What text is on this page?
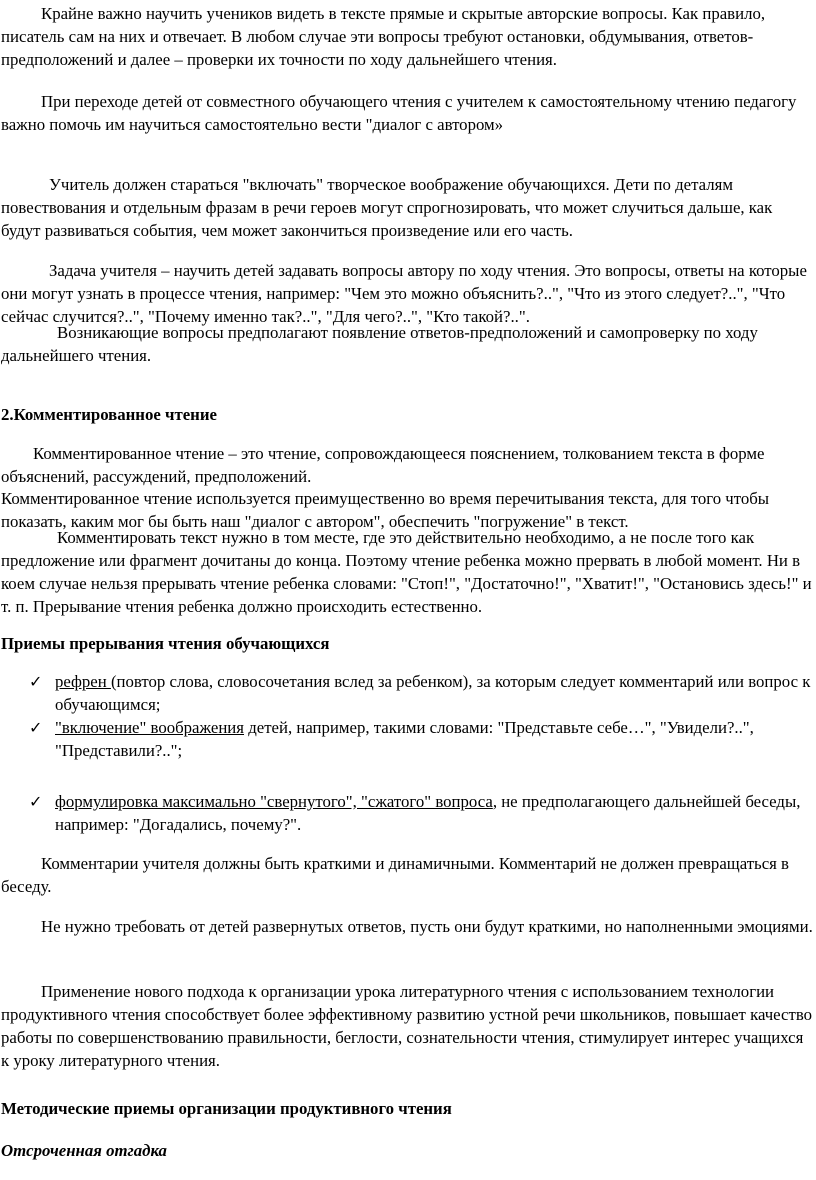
Крайне важно научить учеников видеть в тексте прямые и скрытые авторские вопросы. Как правило, писатель сам на них и отвечает. В любом случае эти вопросы требуют остановки, обдумывания, ответов-предположений и далее – проверки их точности по ходу дальнейшего чтения.

При переходе детей от совместного обучающего чтения с учителем к самостоятельному чтению педагогу важно помочь им научиться самостоятельно вести "диалог с автором»

Учитель должен стараться "включать" творческое воображение обучающихся. Дети по деталям повествования и отдельным фразам в речи героев могут спрогнозировать, что может случиться дальше, как будут развиваться события, чем может закончиться произведение или его часть.

Задача учителя – научить детей задавать вопросы автору по ходу чтения. Это вопросы, ответы на которые они могут узнать в процессе чтения, например: "Чем это можно объяснить?..", "Что из этого следует?..", "Что сейчас случится?..", "Почему именно так?..", "Для чего?..", "Кто такой?..".

Возникающие вопросы предполагают появление ответов-предположений и самопроверку по ходу дальнейшего чтения.

2.Комментированное чтение

Комментированное чтение – это чтение, сопровождающееся пояснением, толкованием текста в форме объяснений, рассуждений, предположений.

Комментированное чтение используется преимущественно во время перечитывания текста, для того чтобы показать, каким мог бы быть наш "диалог с автором", обеспечить "погружение" в текст.

Комментировать текст нужно в том месте, где это действительно необходимо, а не после того как предложение или фрагмент дочитаны до конца. Поэтому чтение ребенка можно прервать в любой момент. Ни в коем случае нельзя прерывать чтение ребенка словами: "Стоп!", "Достаточно!", "Хватит!", "Остановись здесь!" и т. п. Прерывание чтения ребенка должно происходить естественно.

Приемы прерывания чтения обучающихся

✓ рефрен (повтор слова, словосочетания вслед за ребенком), за которым следует комментарий или вопрос к обучающимся;
✓ "включение" воображения детей, например, такими словами: "Представьте себе…", "Увидели?..", "Представили?..";
✓ формулировка максимально "свернутого", "сжатого" вопроса, не предполагающего дальнейшей беседы, например: "Догадались, почему?".

Комментарии учителя должны быть краткими и динамичными. Комментарий не должен превращаться в беседу.

Не нужно требовать от детей развернутых ответов, пусть они будут краткими, но наполненными эмоциями.

Применение нового подхода к организации урока литературного чтения с использованием технологии продуктивного чтения способствует более эффективному развитию устной речи школьников, повышает качество работы по совершенствованию правильности, беглости, сознательности чтения, стимулирует интерес учащихся к уроку литературного чтения.

Методические приемы организации продуктивного чтения

Отсроченная отгадка
